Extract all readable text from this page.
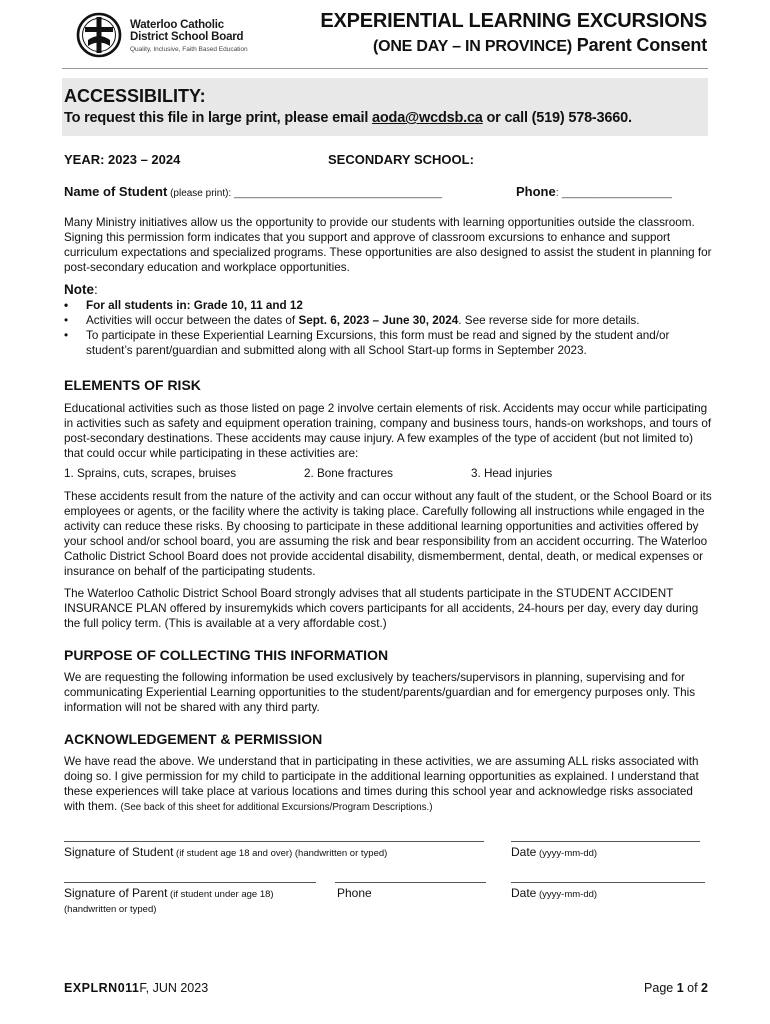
Waterloo Catholic
District School Board
Quality, Inclusive, Faith Based Education
EXPERIENTIAL LEARNING EXCURSIONS
(ONE DAY – IN PROVINCE) Parent Consent
ACCESSIBILITY:
To request this file in large print, please email aoda@wcdsb.ca or call (519) 578-3660.
YEAR: 2023 – 2024	SECONDARY SCHOOL:
Name of Student (please print): __________________________________	Phone: __________________

Many Ministry initiatives allow us the opportunity to provide our students with learning opportunities outside the classroom. Signing this permission form indicates that you support and approve of classroom excursions to enhance and support curriculum expectations and specialized programs. These opportunities are also designed to assist the student in planning for post-secondary education and workplace opportunities.

Note:
• For all students in: Grade 10, 11 and 12
• Activities will occur between the dates of Sept. 6, 2023 – June 30, 2024. See reverse side for more details.
• To participate in these Experiential Learning Excursions, this form must be read and signed by the student and/or student’s parent/guardian and submitted along with all School Start-up forms in September 2023.
ELEMENTS OF RISK

Educational activities such as those listed on page 2 involve certain elements of risk. Accidents may occur while participating in activities such as safety and equipment operation training, company and business tours, hands-on workshops, and tours of post-secondary destinations. These accidents may cause injury. A few examples of the type of accident (but not limited to) that could occur while participating in these activities are:

1. Sprains, cuts, scrapes, bruises	2. Bone fractures	3. Head injuries

These accidents result from the nature of the activity and can occur without any fault of the student, or the School Board or its employees or agents, or the facility where the activity is taking place. Carefully following all instructions while engaged in the activity can reduce these risks. By choosing to participate in these additional learning opportunities and activities offered by your school and/or school board, you are assuming the risk and bear responsibility from an accident occurring. The Waterloo Catholic District School Board does not provide accidental disability, dismemberment, dental, death, or medical expenses or insurance on behalf of the participating students.

The Waterloo Catholic District School Board strongly advises that all students participate in the STUDENT ACCIDENT INSURANCE PLAN offered by insuremykids which covers participants for all accidents, 24-hours per day, every day during the full policy term. (This is available at a very affordable cost.)

PURPOSE OF COLLECTING THIS INFORMATION

We are requesting the following information be used exclusively by teachers/supervisors in planning, supervising and for communicating Experiential Learning opportunities to the student/parents/guardian and for emergency purposes only. This information will not be shared with any third party.

ACKNOWLEDGEMENT & PERMISSION

We have read the above. We understand that in participating in these activities, we are assuming ALL risks associated with doing so. I give permission for my child to participate in the additional learning opportunities as explained. I understand that these experiences will take place at various locations and times during this school year and acknowledge risks associated with them. (See back of this sheet for additional Excursions/Program Descriptions.)

Signature of Student (if student age 18 and over) (handwritten or typed)	Date (yyyy-mm-dd)
Signature of Parent (if student under age 18)
(handwritten or typed)
Phone	Date (yyyy-mm-dd)
EXPLRN011F, JUN 2023	Page 1 of 2
